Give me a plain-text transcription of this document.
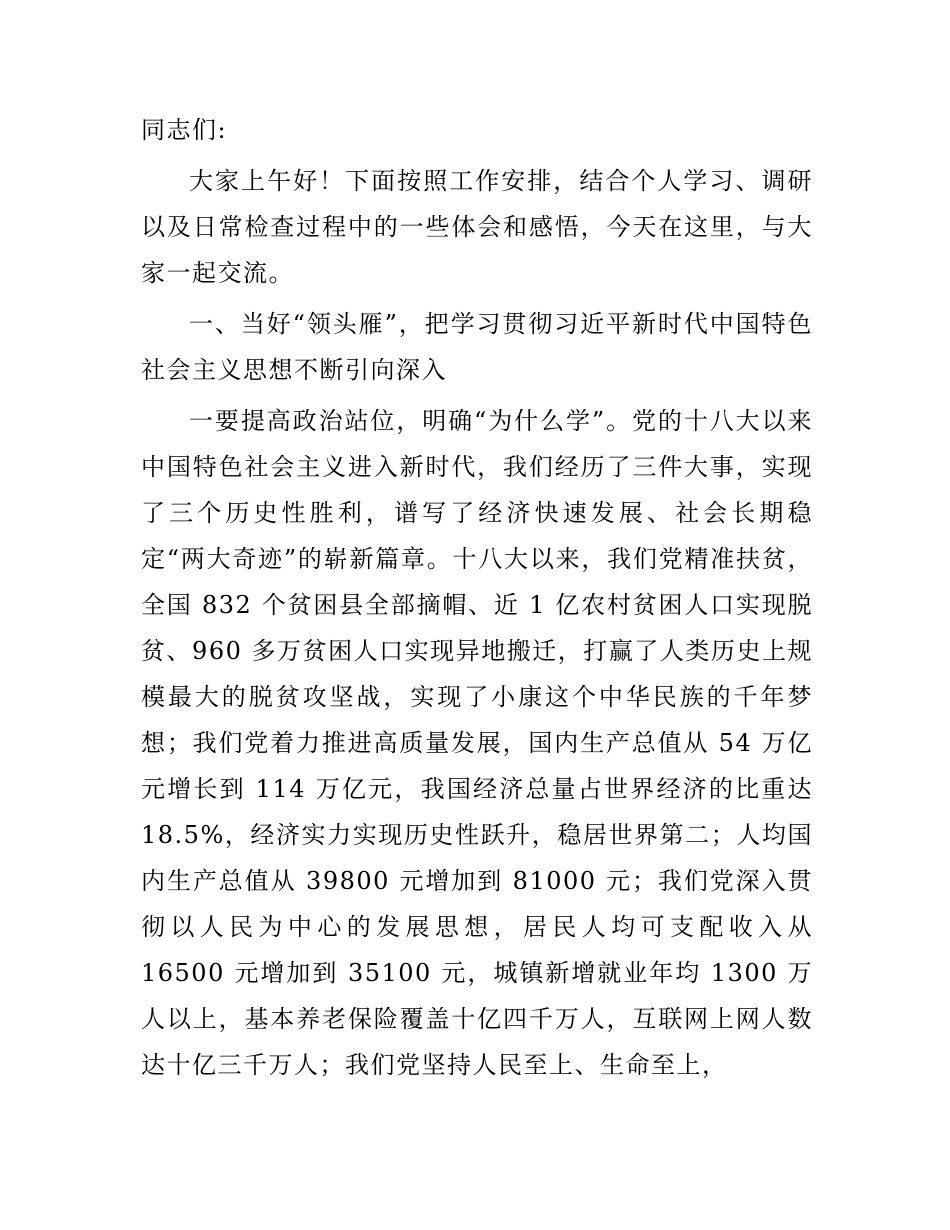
同志们:

大家上午好！下面按照工作安排，结合个人学习、调研以及日常检查过程中的一些体会和感悟，今天在这里，与大家一起交流。

一、当好“领头雁”，把学习贯彻习近平新时代中国特色社会主义思想不断引向深入

一要提高政治站位，明确“为什么学”。党的十八大以来中国特色社会主义进入新时代，我们经历了三件大事，实现了三个历史性胜利，谱写了经济快速发展、社会长期稳定“两大奇迹”的崭新篇章。十八大以来，我们党精准扶贫，全国 832 个贫困县全部摘帽、近 1 亿农村贫困人口实现脱贫、960 多万贫困人口实现异地搬迁，打赢了人类历史上规模最大的脱贫攻坚战，实现了小康这个中华民族的千年梦想；我们党着力推进高质量发展，国内生产总值从 54 万亿元增长到 114 万亿元，我国经济总量占世界经济的比重达 18.5%，经济实力实现历史性跃升，稳居世界第二；人均国内生产总值从 39800 元增加到 81000 元；我们党深入贯彻以人民为中心的发展思想，居民人均可支配收入从 16500 元增加到 35100 元，城镇新增就业年均 1300 万人以上，基本养老保险覆盖十亿四千万人，互联网上网人数达十亿三千万人；我们党坚持人民至上、生命至上，
